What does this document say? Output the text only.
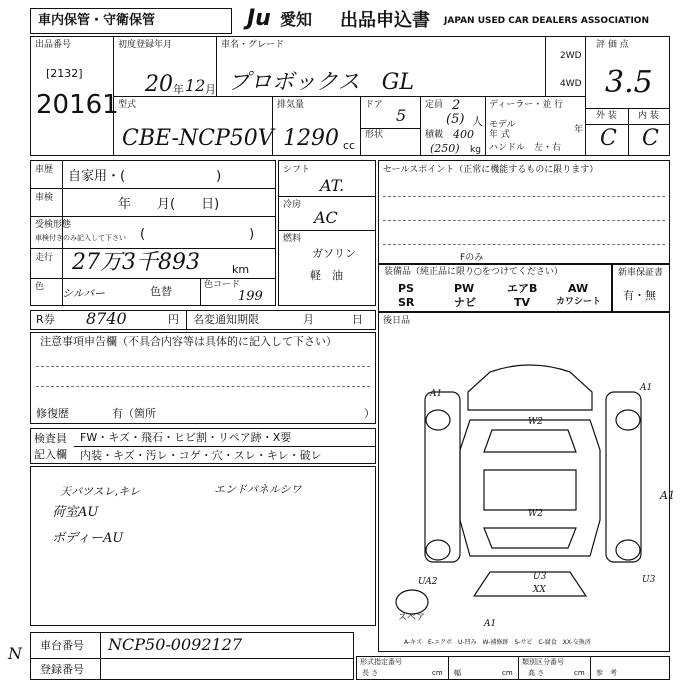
車内保管・守衛保管	Ju 愛知 出品申込書 JAPAN USED CAR DEALERS ASSOCIATION
出品番号
[2132]
20161
初度登録年月
20 年 12 月
車名・グレード
プロボックス　GL
2WD
4WD
評 価 点
3.5
型式
CBE-NCP50V
排気量
1290 cc
ドア
5
形状
定員 2
(5) 人
積載 400
(250) kg
ディーラー・並 行
モデル
年 式	年
ハンドル　左・右
外 装 内 装
C C
車歴 自家用・(　　　　　　　)
車検	年　　月(　　日)
受検形態
車検付きのみ記入して下さい (　　　　　　　　)
走行 27万3千893	km
色 シルバー	色替	色コード
199
シフト
AT.
冷房
AC
燃料
ガソリン
軽　油
セールスポイント（正常に機能するものに限ります）
Fのみ
装備品（純正品に限り○をつけてください）
PS	PW	エアB	AW
SR	ナビ	TV	カワシート
新車保証書
有・無
R券 8740	円 名変通知期限	月	日
注意事項申告欄（不具合内容等は具体的に記入して下さい）
修復歴	有（箇所	）
検査員
記入欄
FW・キズ・飛石・ヒビ割・リペア跡・X要
内装・キズ・汚レ・コゲ・穴・スレ・キレ・破レ
天バツスレ,キレ
荷室AU
ボディーAU
エンドパネルシワ
後日品
A1
A1
W2
A1
W2
U3
XX
UA2	U3
A1
スペア
A-キズ　E-エクボ　U-凹み　W-補修跡　S-サビ　C-腐食　XX-交換済
N 車台番号 NCP50-0092127
登録番号
形式指定番号	類別区分番号
長 さ	幅	高 さ	参　考
cm	cm	cm
